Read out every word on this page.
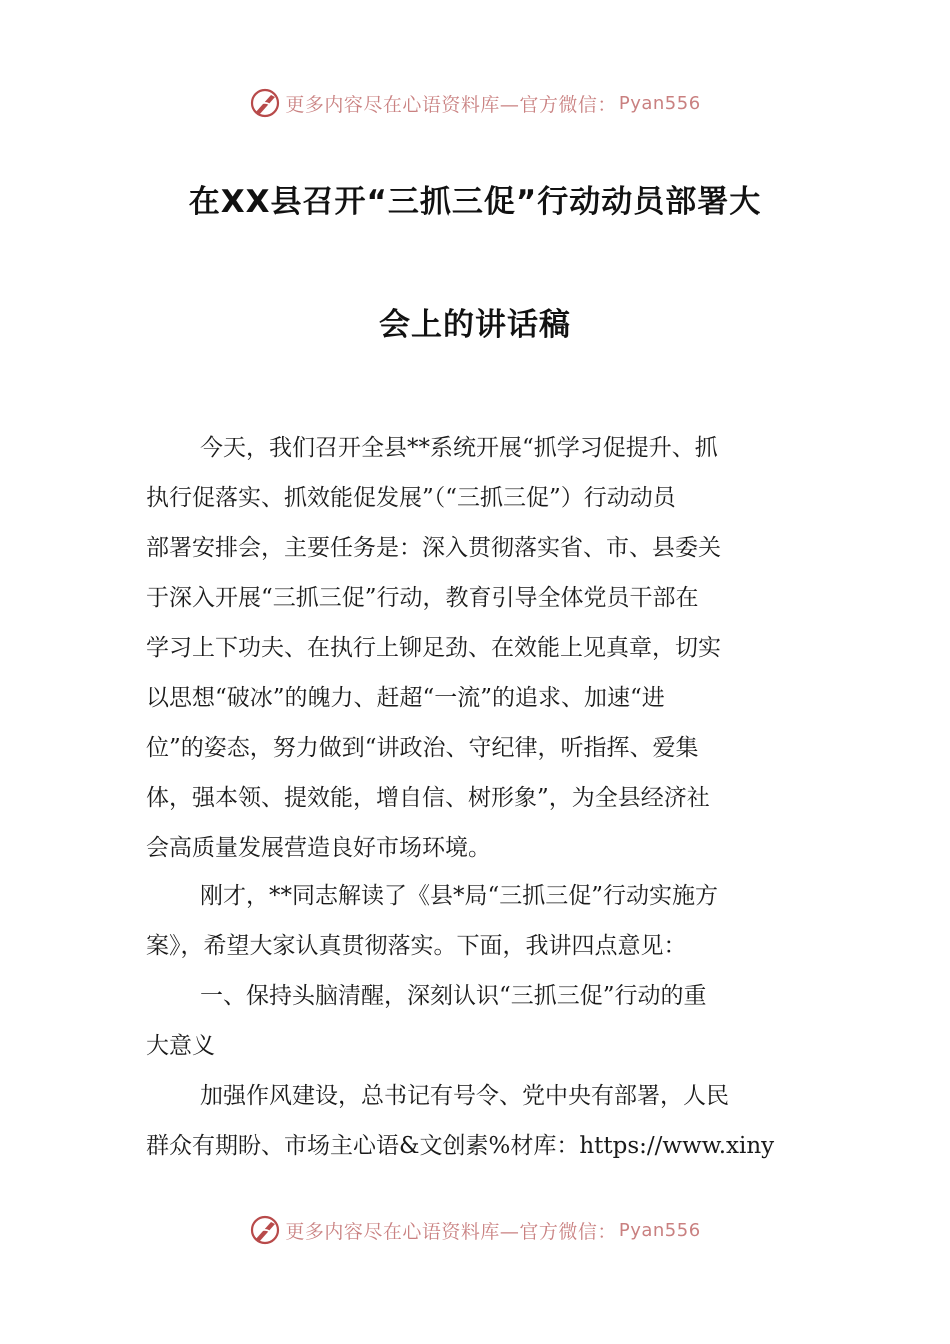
更多内容尽在心语资料库—官方微信： Pyan556
在XX县召开“三抓三促”行动动员部署大
会上的讲话稿
今天，我们召开全县**系统开展“抓学习促提升、抓
执行促落实、抓效能促发展”（“三抓三促”）行动动员
部署安排会，主要任务是：深入贯彻落实省、市、县委关
于深入开展“三抓三促”行动，教育引导全体党员干部在
学习上下功夫、在执行上铆足劲、在效能上见真章，切实
以思想“破冰”的魄力、赶超“一流”的追求、加速“进
位”的姿态，努力做到“讲政治、守纪律，听指挥、爱集
体，强本领、提效能，增自信、树形象”，为全县经济社
会高质量发展营造良好市场环境。
刚才，**同志解读了《县*局“三抓三促”行动实施方
案》，希望大家认真贯彻落实。下面，我讲四点意见：
一、保持头脑清醒，深刻认识“三抓三促”行动的重
大意义
加强作风建设，总书记有号令、党中央有部署，人民
群众有期盼、市场主心语&文创素%材库：https://www.xiny
更多内容尽在心语资料库—官方微信： Pyan556
